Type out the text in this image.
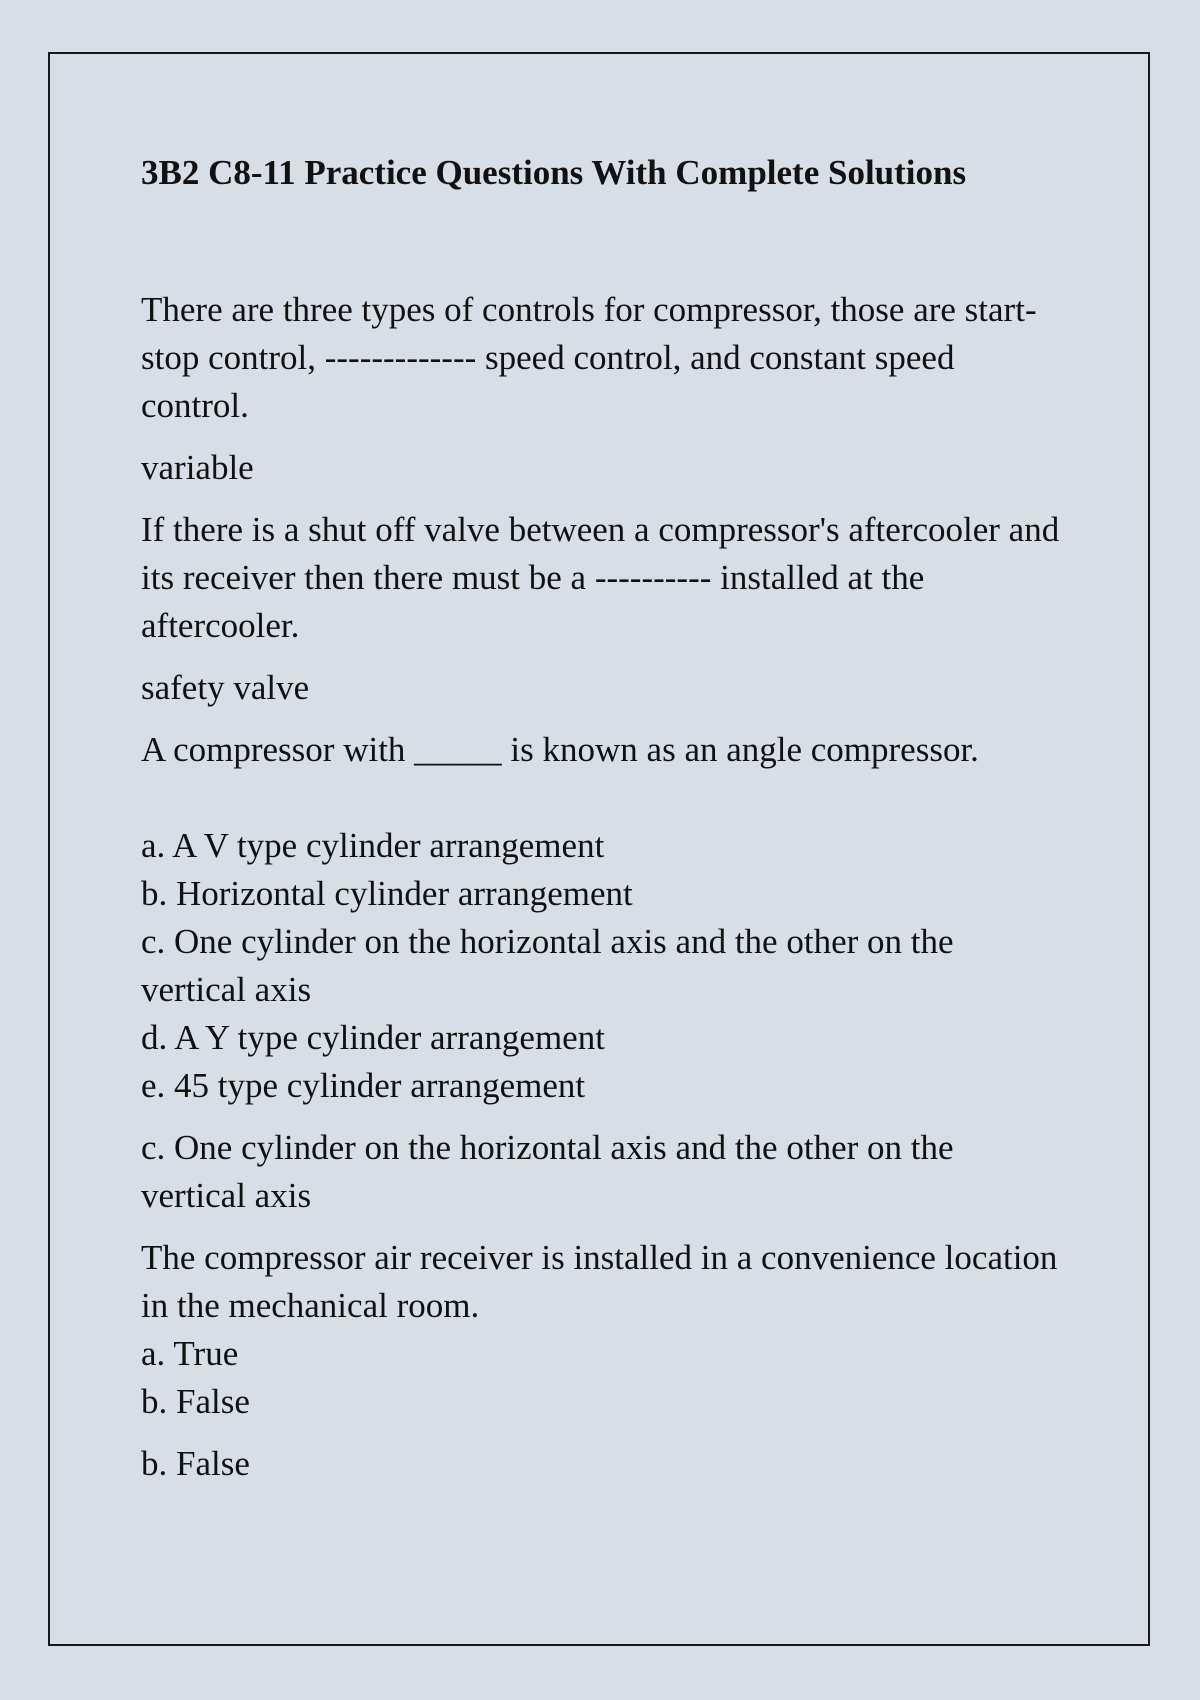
3B2 C8-11 Practice Questions With Complete Solutions

There are three types of controls for compressor, those are start-stop control, ------------- speed control, and constant speed control.

variable

If there is a shut off valve between a compressor's aftercooler and its receiver then there must be a ---------- installed at the aftercooler.

safety valve

A compressor with _____ is known as an angle compressor.

a. A V type cylinder arrangement
b. Horizontal cylinder arrangement
c. One cylinder on the horizontal axis and the other on the vertical axis
d. A Y type cylinder arrangement
e. 45 type cylinder arrangement

c. One cylinder on the horizontal axis and the other on the vertical axis

The compressor air receiver is installed in a convenience location in the mechanical room.

a. True
b. False

b. False
